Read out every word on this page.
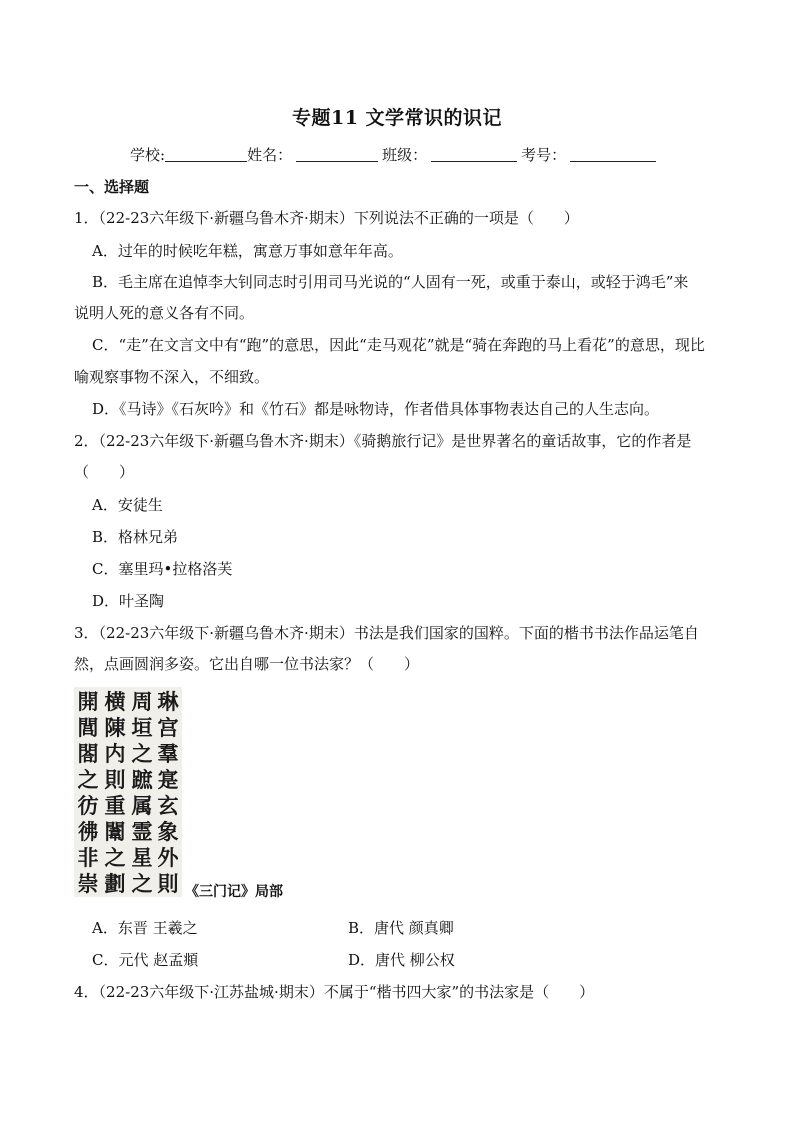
专题11 文学常识的识记
学校:	姓名：	班级：	考号：
一、选择题
1．（22-23六年级下·新疆乌鲁木齐·期末）下列说法不正确的一项是（　　）
A．过年的时候吃年糕，寓意万事如意年年高。
B．毛主席在追悼李大钊同志时引用司马光说的“人固有一死，或重于泰山，或轻于鸿毛”来
说明人死的意义各有不同。
C．“走”在文言文中有“跑”的意思，因此“走马观花”就是“骑在奔跑的马上看花”的意思，现比
喻观察事物不深入，不细致。
D．《马诗》《石灰吟》和《竹石》都是咏物诗，作者借具体事物表达自己的人生志向。
2．（22-23六年级下·新疆乌鲁木齐·期末）《骑鹅旅行记》是世界著名的童话故事，它的作者是
（　　）
A．安徒生
B．格林兄弟
C．塞里玛•拉格洛芙
D．叶圣陶
3．（22-23六年级下·新疆乌鲁木齐·期末）书法是我们国家的国粹。下面的楷书书法作品运笔自
然，点画圆润多姿。它出自哪一位书法家？（　　）
開
閭
閤
之
彷
彿
非
崇
横
陳
内
則
重
闈
之
劃
周
垣
之
蹠
属
霊
星
之
琳
宫
羣
寔
玄
象
外
則 《三门记》局部
A．东晋 王羲之	B．唐代 颜真卿
C．元代 赵孟頫	D．唐代 柳公权
4．（22-23六年级下·江苏盐城·期末）不属于“楷书四大家”的书法家是（　　）
